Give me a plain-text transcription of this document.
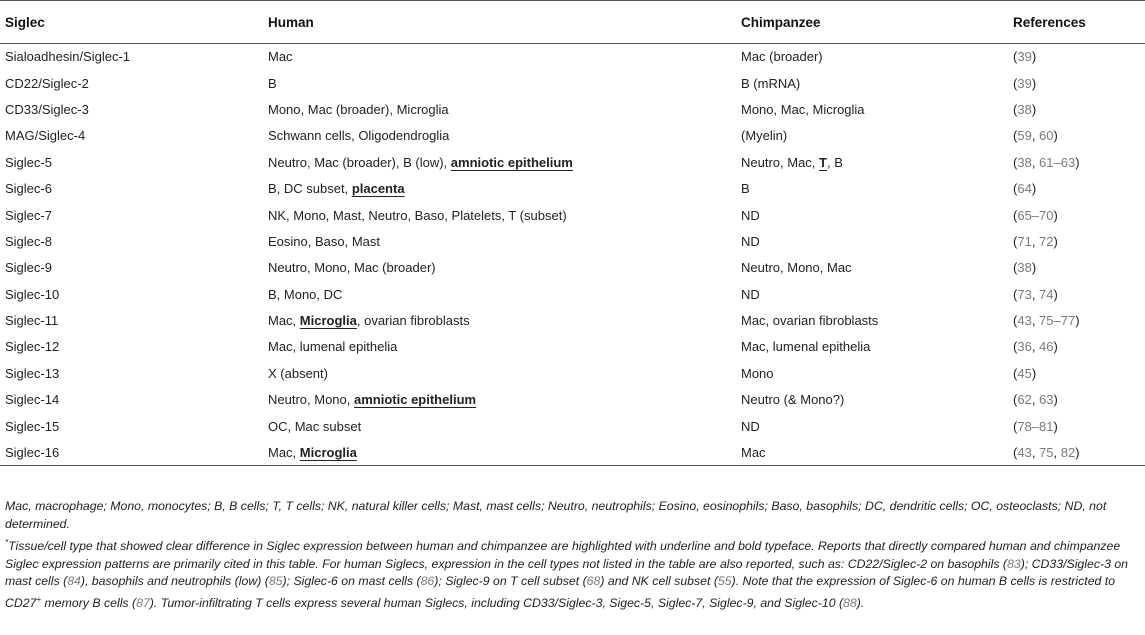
Siglec	Human	Chimpanzee	References
Sialoadhesin/Siglec-1	Mac	Mac (broader)	(39)
CD22/Siglec-2	B	B (mRNA)	(39)
CD33/Siglec-3	Mono, Mac (broader), Microglia	Mono, Mac, Microglia	(38)
MAG/Siglec-4	Schwann cells, Oligodendroglia	(Myelin)	(59, 60)
Siglec-5	Neutro, Mac (broader), B (low), amniotic epithelium	Neutro, Mac, T, B	(38, 61–63)
Siglec-6	B, DC subset, placenta	B	(64)
Siglec-7	NK, Mono, Mast, Neutro, Baso, Platelets, T (subset)	ND	(65–70)
Siglec-8	Eosino, Baso, Mast	ND	(71, 72)
Siglec-9	Neutro, Mono, Mac (broader)	Neutro, Mono, Mac	(38)
Siglec-10	B, Mono, DC	ND	(73, 74)
Siglec-11	Mac, Microglia, ovarian fibroblasts	Mac, ovarian fibroblasts	(43, 75–77)
Siglec-12	Mac, lumenal epithelia	Mac, lumenal epithelia	(36, 46)
Siglec-13	X (absent)	Mono	(45)
Siglec-14	Neutro, Mono, amniotic epithelium	Neutro (& Mono?)	(62, 63)
Siglec-15	OC, Mac subset	ND	(78–81)
Siglec-16	Mac, Microglia	Mac	(43, 75, 82)

Mac, macrophage; Mono, monocytes; B, B cells; T, T cells; NK, natural killer cells; Mast, mast cells; Neutro, neutrophils; Eosino, eosinophils; Baso, basophils; DC, dendritic cells; OC, osteoclasts; ND, not determined.

*Tissue/cell type that showed clear difference in Siglec expression between human and chimpanzee are highlighted with underline and bold typeface. Reports that directly compared human and chimpanzee Siglec expression patterns are primarily cited in this table. For human Siglecs, expression in the cell types not listed in the table are also reported, such as: CD22/Siglec-2 on basophils (83); CD33/Siglec-3 on mast cells (84), basophils and neutrophils (low) (85); Siglec-6 on mast cells (86); Siglec-9 on T cell subset (68) and NK cell subset (55). Note that the expression of Siglec-6 on human B cells is restricted to CD27+ memory B cells (87). Tumor-infiltrating T cells express several human Siglecs, including CD33/Siglec-3, Sigec-5, Siglec-7, Siglec-9, and Siglec-10 (88).
